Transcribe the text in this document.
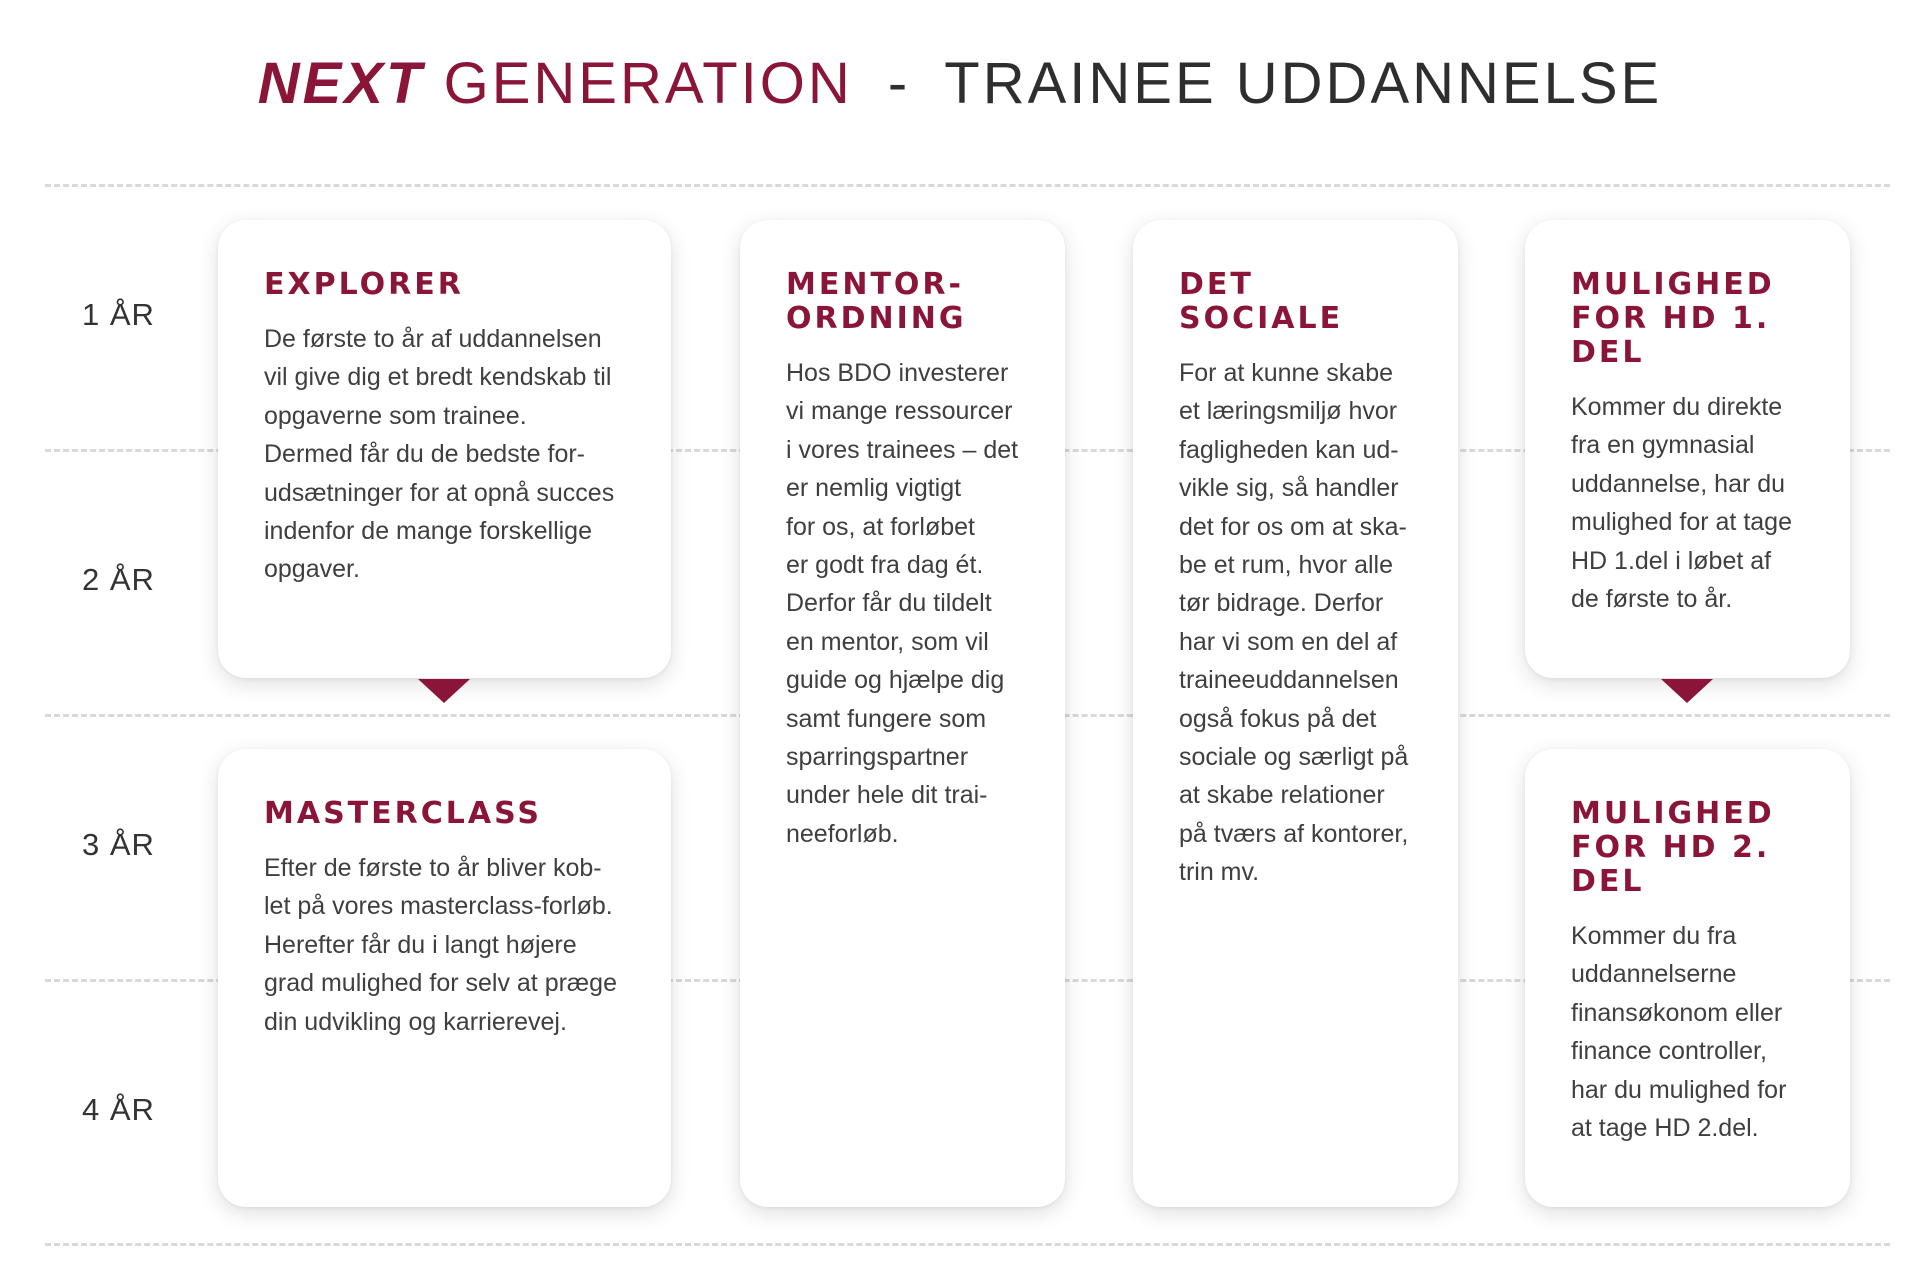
NEXT GENERATION - TRAINEE UDDANNELSE
1 ÅR
2 ÅR
3 ÅR
4 ÅR
EXPLORER

De første to år af uddannelsen
vil give dig et bredt kendskab til
opgaverne som trainee.
Dermed får du de bedste for-
udsætninger for at opnå succes
indenfor de mange forskellige
opgaver.

MASTERCLASS

Efter de første to år bliver kob-
let på vores masterclass-forløb.
Herefter får du i langt højere
grad mulighed for selv at præge
din udvikling og karrierevej.

MENTOR-
ORDNING

Hos BDO investerer
vi mange ressourcer
i vores trainees – det
er nemlig vigtigt
for os, at forløbet
er godt fra dag ét.
Derfor får du tildelt
en mentor, som vil
guide og hjælpe dig
samt fungere som
sparringspartner
under hele dit trai-
neeforløb.

DET SOCIALE

For at kunne skabe
et læringsmiljø hvor
fagligheden kan ud-
vikle sig, så handler
det for os om at ska-
be et rum, hvor alle
tør bidrage. Derfor
har vi som en del af
traineeuddannelsen
også fokus på det
sociale og særligt på
at skabe relationer
på tværs af kontorer,
trin mv.

MULIGHED
FOR HD 1. DEL

Kommer du direkte
fra en gymnasial
uddannelse, har du
mulighed for at tage
HD 1.del i løbet af
de første to år.

MULIGHED
FOR HD 2. DEL

Kommer du fra
uddannelserne
finansøkonom eller
finance controller,
har du mulighed for
at tage HD 2.del.
